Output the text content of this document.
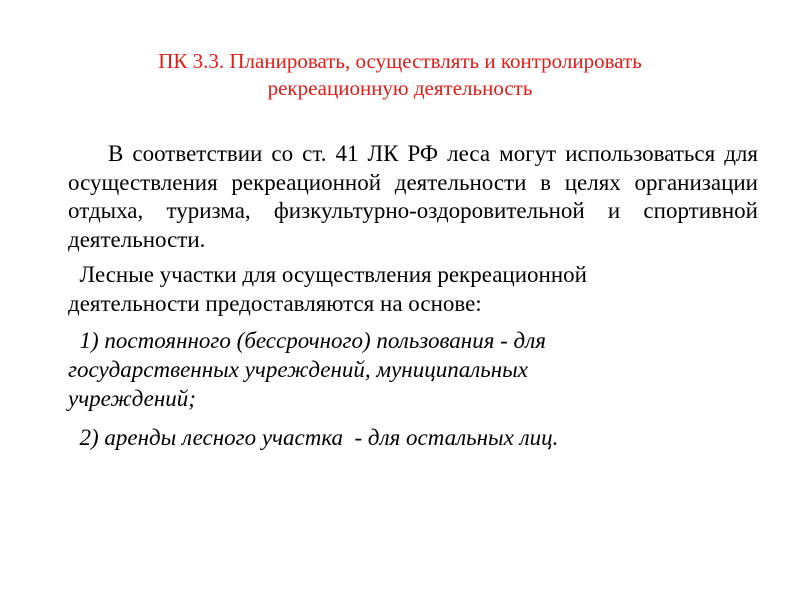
ПК 3.3. Планировать, осуществлять и контролировать
рекреационную деятельность

В соответствии со ст. 41 ЛК РФ леса могут использоваться для осуществления рекреационной деятельности в целях организации отдыха, туризма, физкультурно-оздоровительной и спортивной деятельности.

Лесные участки для осуществления рекреационной
деятельности предоставляются на основе:
1) постоянного (бессрочного) пользования - для
государственных учреждений, муниципальных
учреждений;
2) аренды лесного участка  - для остальных лиц.
